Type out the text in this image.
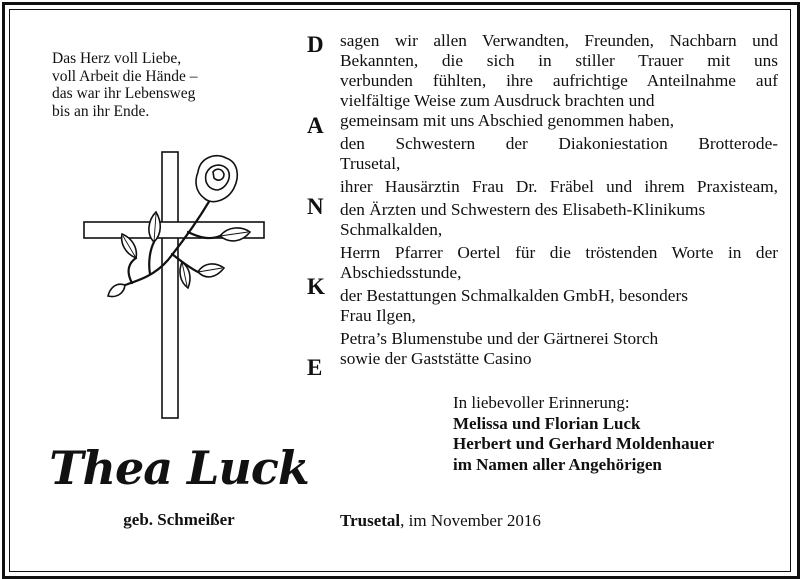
Das Herz voll Liebe,
voll Arbeit die Hände –
das war ihr Lebensweg
bis an ihr Ende.
Thea Luck
geb. Schmeißer
D
A
N
K
E
sagen wir allen Verwandten, Freunden, Nachbarn und
Bekannten, die sich in stiller Trauer mit uns
verbunden fühlten, ihre aufrichtige Anteilnahme auf
vielfältige Weise zum Ausdruck brachten und
gemeinsam mit uns Abschied genommen haben,
den Schwestern der Diakoniestation Brotterode-
Trusetal,
ihrer Hausärztin Frau Dr. Fräbel und ihrem Praxisteam,
den Ärzten und Schwestern des Elisabeth-Klinikums
Schmalkalden,
Herrn Pfarrer Oertel für die tröstenden Worte in der
Abschiedsstunde,
der Bestattungen Schmalkalden GmbH, besonders
Frau Ilgen,
Petra’s Blumenstube und der Gärtnerei Storch
sowie der Gaststätte Casino
In liebevoller Erinnerung:
Melissa und Florian Luck
Herbert und Gerhard Moldenhauer
im Namen aller Angehörigen
Trusetal, im November 2016
